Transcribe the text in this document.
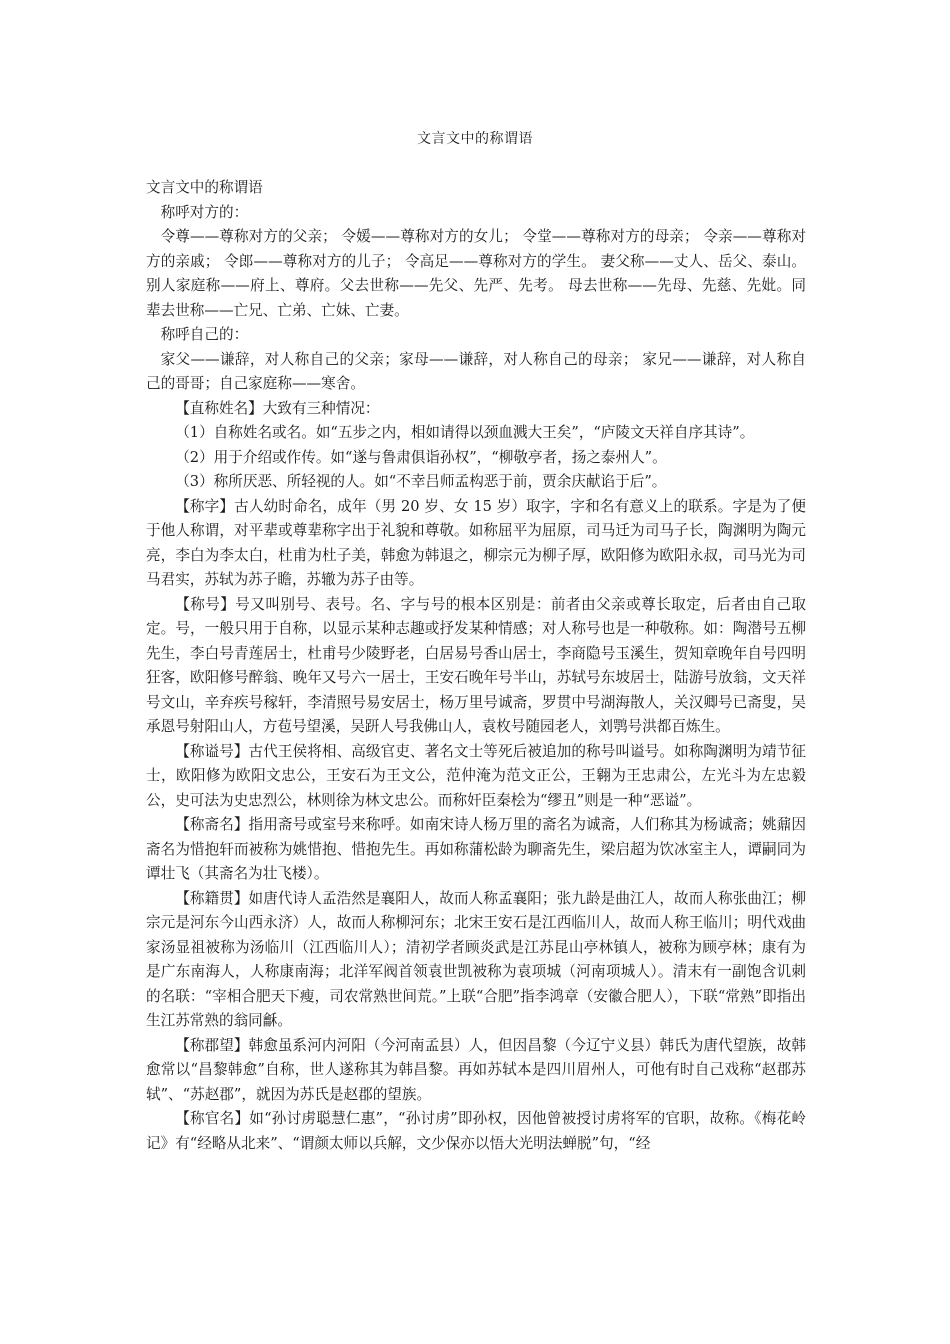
文言文中的称谓语

文言文中的称谓语

称呼对方的：

令尊——尊称对方的父亲； 令媛——尊称对方的女儿； 令堂——尊称对方的母亲； 令亲——尊称对方的亲戚； 令郎——尊称对方的儿子； 令高足——尊称对方的学生。 妻父称——丈人、岳父、泰山。 别人家庭称——府上、尊府。父去世称——先父、先严、先考。 母去世称——先母、先慈、先妣。同辈去世称——亡兄、亡弟、亡妹、亡妻。

称呼自己的：

家父——谦辞，对人称自己的父亲；家母——谦辞，对人称自己的母亲； 家兄——谦辞，对人称自己的哥哥；自己家庭称——寒舍。

【直称姓名】大致有三种情况：

（1）自称姓名或名。如“五步之内，相如请得以颈血溅大王矣”，“庐陵文天祥自序其诗”。

（2）用于介绍或作传。如“遂与鲁肃俱诣孙权”，“柳敬亭者，扬之泰州人”。

（3）称所厌恶、所轻视的人。如“不幸吕师孟构恶于前，贾余庆献谄于后”。

【称字】古人幼时命名，成年（男 20 岁、女 15 岁）取字，字和名有意义上的联系。字是为了便于他人称谓，对平辈或尊辈称字出于礼貌和尊敬。如称屈平为屈原，司马迁为司马子长，陶渊明为陶元亮，李白为李太白，杜甫为杜子美，韩愈为韩退之，柳宗元为柳子厚，欧阳修为欧阳永叔，司马光为司马君实，苏轼为苏子瞻，苏辙为苏子由等。

【称号】号又叫别号、表号。名、字与号的根本区别是：前者由父亲或尊长取定，后者由自己取定。号，一般只用于自称，以显示某种志趣或抒发某种情感；对人称号也是一种敬称。如：陶潜号五柳先生，李白号青莲居士，杜甫号少陵野老，白居易号香山居士，李商隐号玉溪生，贺知章晚年自号四明狂客，欧阳修号醉翁、晚年又号六一居士，王安石晚年号半山，苏轼号东坡居士，陆游号放翁，文天祥号文山，辛弃疾号稼轩，李清照号易安居士，杨万里号诚斋，罗贯中号湖海散人，关汉卿号已斋叟，吴承恩号射阳山人，方苞号望溪，吴趼人号我佛山人，袁枚号随园老人，刘鹗号洪都百炼生。

【称谥号】古代王侯将相、高级官吏、著名文士等死后被追加的称号叫谥号。如称陶渊明为靖节征士，欧阳修为欧阳文忠公，王安石为王文公，范仲淹为范文正公，王翱为王忠肃公，左光斗为左忠毅公，史可法为史忠烈公，林则徐为林文忠公。而称奸臣秦桧为“缪丑”则是一种“恶谥”。

【称斋名】指用斋号或室号来称呼。如南宋诗人杨万里的斋名为诚斋，人们称其为杨诚斋；姚鼐因斋名为惜抱轩而被称为姚惜抱、惜抱先生。再如称蒲松龄为聊斋先生，梁启超为饮冰室主人，谭嗣同为谭壮飞（其斋名为壮飞楼）。

【称籍贯】如唐代诗人孟浩然是襄阳人，故而人称孟襄阳；张九龄是曲江人，故而人称张曲江；柳宗元是河东今山西永济）人，故而人称柳河东；北宋王安石是江西临川人，故而人称王临川；明代戏曲家汤显祖被称为汤临川（江西临川人）；清初学者顾炎武是江苏昆山亭林镇人，被称为顾亭林；康有为是广东南海人，人称康南海；北洋军阀首领袁世凯被称为袁项城（河南项城人）。清末有一副饱含讥刺的名联：“宰相合肥天下瘦，司农常熟世间荒。”上联“合肥”指李鸿章（安徽合肥人），下联“常熟”即指出生江苏常熟的翁同龢。

【称郡望】韩愈虽系河内河阳（今河南孟县）人，但因昌黎（今辽宁义县）韩氏为唐代望族，故韩愈常以“昌黎韩愈”自称，世人遂称其为韩昌黎。再如苏轼本是四川眉州人，可他有时自己戏称“赵郡苏轼”、“苏赵郡”，就因为苏氏是赵郡的望族。

【称官名】如“孙讨虏聪慧仁惠”，“孙讨虏”即孙权，因他曾被授讨虏将军的官职，故称。《梅花岭记》有“经略从北来”、“谓颜太师以兵解，文少保亦以悟大光明法蝉脱”句，“经
